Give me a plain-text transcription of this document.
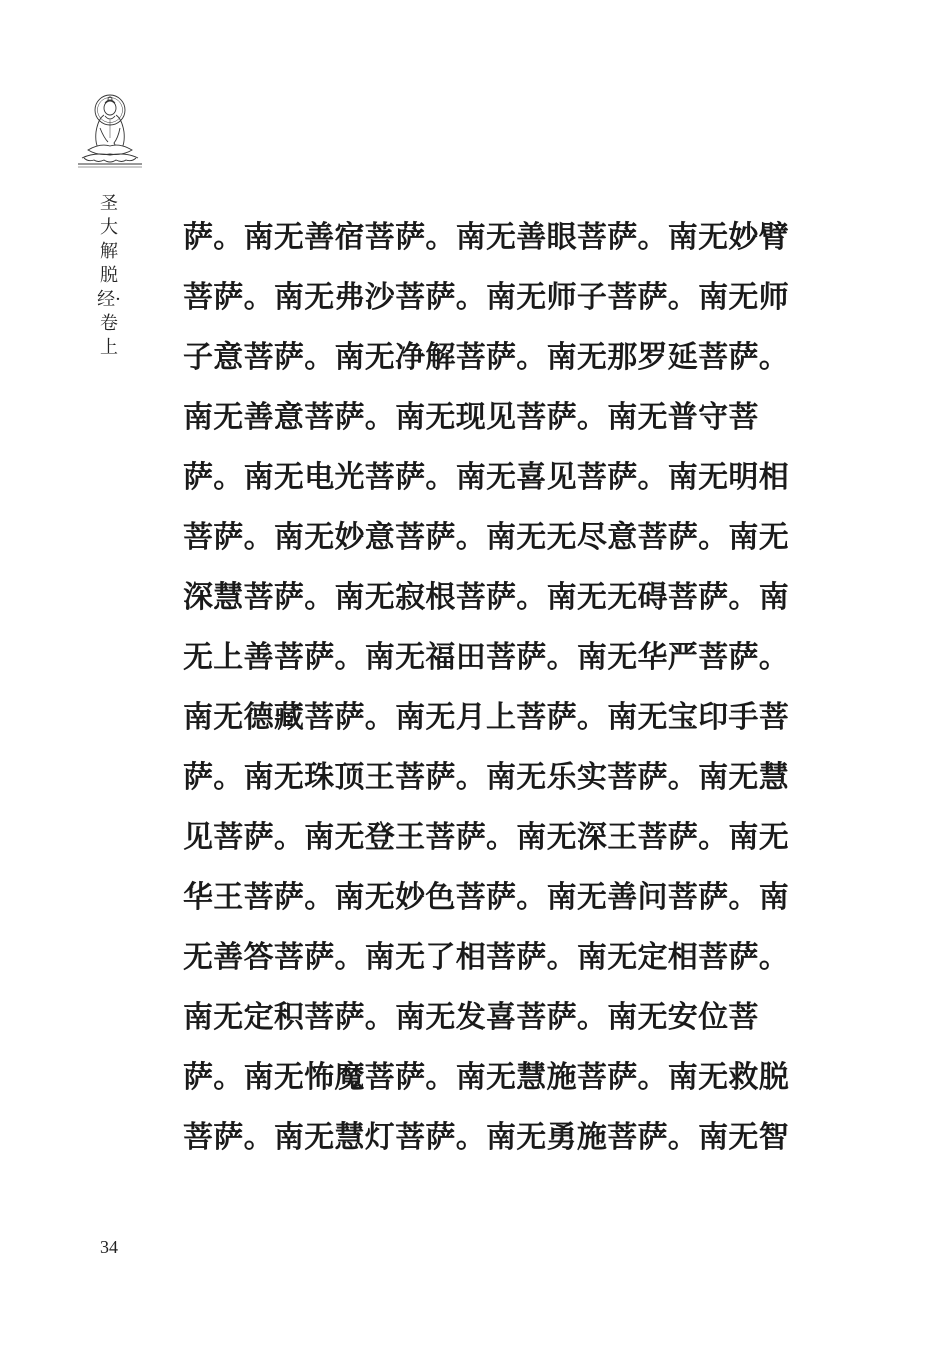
圣大解脱经·卷上
萨。南无善宿菩萨。南无善眼菩萨。南无妙臂
菩萨。南无弗沙菩萨。南无师子菩萨。南无师
子意菩萨。南无净解菩萨。南无那罗延菩萨。
南无善意菩萨。南无现见菩萨。南无普守菩
萨。南无电光菩萨。南无喜见菩萨。南无明相
菩萨。南无妙意菩萨。南无无尽意菩萨。南无
深慧菩萨。南无寂根菩萨。南无无碍菩萨。南
无上善菩萨。南无福田菩萨。南无华严菩萨。
南无德藏菩萨。南无月上菩萨。南无宝印手菩
萨。南无珠顶王菩萨。南无乐实菩萨。南无慧
见菩萨。南无登王菩萨。南无深王菩萨。南无
华王菩萨。南无妙色菩萨。南无善问菩萨。南
无善答菩萨。南无了相菩萨。南无定相菩萨。
南无定积菩萨。南无发喜菩萨。南无安位菩
萨。南无怖魔菩萨。南无慧施菩萨。南无救脱
菩萨。南无慧灯菩萨。南无勇施菩萨。南无智
34
